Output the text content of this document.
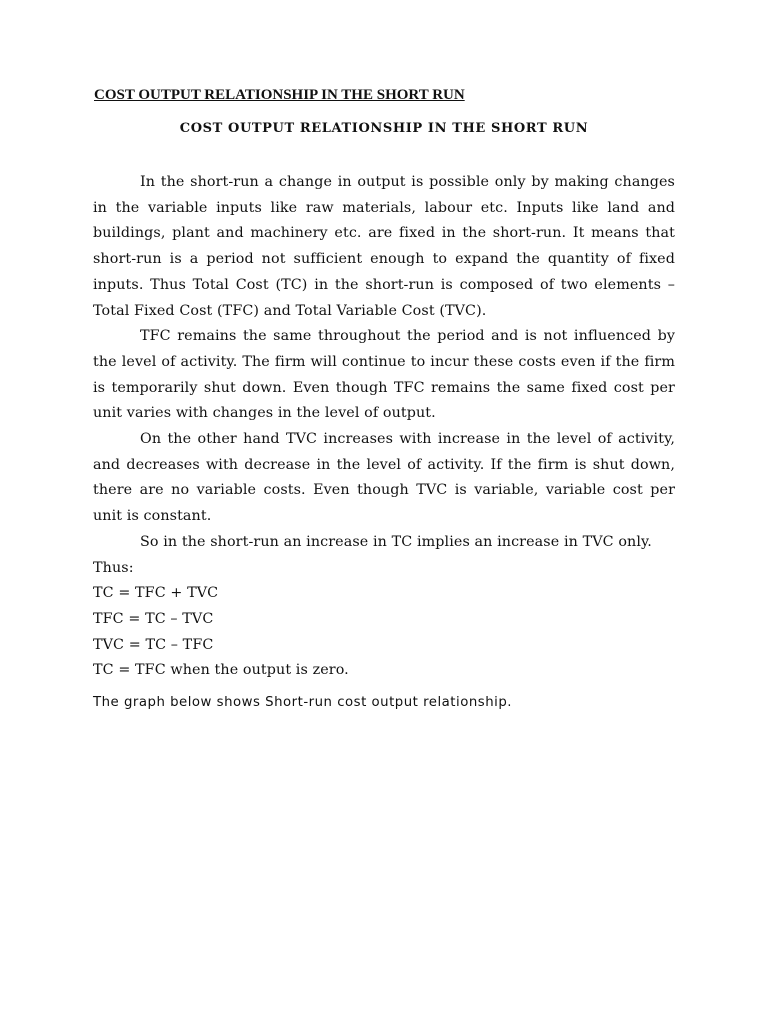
COST OUTPUT RELATIONSHIP IN THE SHORT RUN
COST OUTPUT RELATIONSHIP IN THE SHORT RUN

In the short-run a change in output is possible only by making changes in the variable inputs like raw materials, labour etc. Inputs like land and buildings, plant and machinery etc. are fixed in the short-run. It means that short-run is a period not sufficient enough to expand the quantity of fixed inputs. Thus Total Cost (TC) in the short-run is composed of two elements – Total Fixed Cost (TFC) and Total Variable Cost (TVC).

TFC remains the same throughout the period and is not influenced by the level of activity. The firm will continue to incur these costs even if the firm is temporarily shut down. Even though TFC remains the same fixed cost per unit varies with changes in the level of output.

On the other hand TVC increases with increase in the level of activity, and decreases with decrease in the level of activity. If the firm is shut down, there are no variable costs. Even though TVC is variable, variable cost per unit is constant.

So in the short-run an increase in TC implies an increase in TVC only.

Thus:
TC = TFC + TVC
TFC = TC – TVC
TVC = TC – TFC
TC = TFC when the output is zero.
The graph below shows Short-run cost output relationship.
